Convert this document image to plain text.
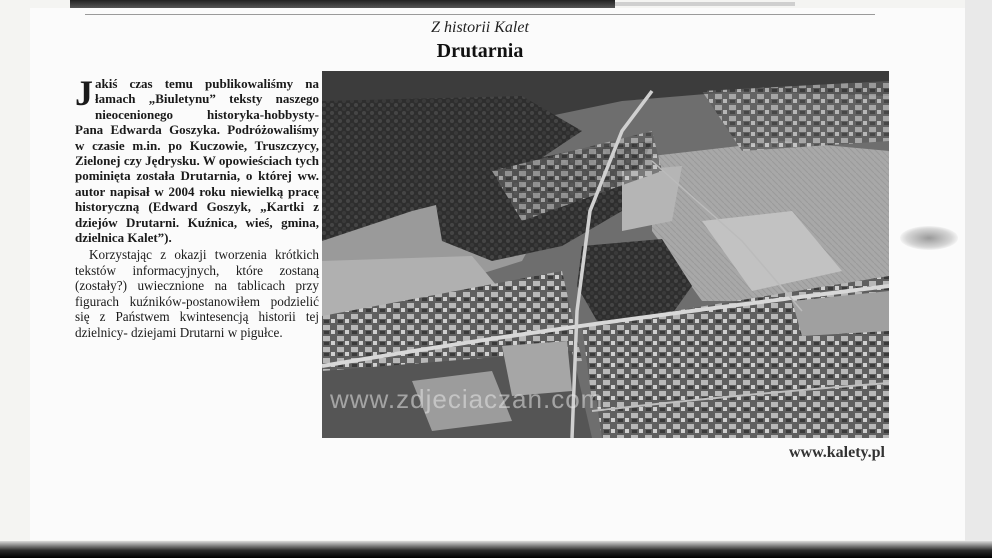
Z historii Kalet
Drutarnia

Jakiś czas temu publikowaliśmy na łamach „Biuletynu” teksty naszego nieocenionego historyka-hobbysty- Pana Edwarda Goszyka. Podróżowaliśmy w czasie m.in. po Kuczowie, Truszczycy, Zielonej czy Jędrysku. W opowieściach tych pominięta została Drutarnia, o której ww. autor napisał w 2004 roku niewielką pracę historyczną (Edward Goszyk, „Kartki z dziejów Drutarni. Kuźnica, wieś, gmina, dzielnica Kalet”).

Korzystając z okazji tworzenia krótkich tekstów informacyjnych, które zostaną (zostały?) uwiecznione na tablicach przy figurach kuźników-postanowiłem podzielić się z Państwem kwintesencją historii tej dzielnicy- dziejami Drutarni w pigułce.

www.zdjeciaczan.com
www.kalety.pl
